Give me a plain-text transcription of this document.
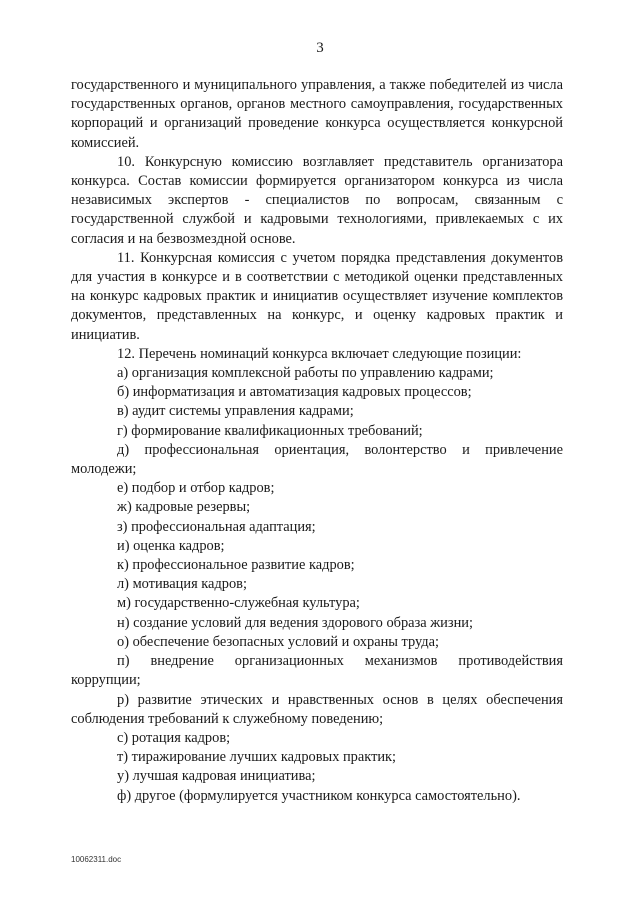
3

государственного и муниципального управления, а также победителей из числа государственных органов, органов местного самоуправления, государственных корпораций и организаций проведение конкурса осуществляется конкурсной комиссией.

10. Конкурсную комиссию возглавляет представитель организатора конкурса. Состав комиссии формируется организатором конкурса из числа независимых экспертов - специалистов по вопросам, связанным с государственной службой и кадровыми технологиями, привлекаемых с их согласия и на безвозмездной основе.

11. Конкурсная комиссия с учетом порядка представления документов для участия в конкурсе и в соответствии с методикой оценки представленных на конкурс кадровых практик и инициатив осуществляет изучение комплектов документов, представленных на конкурс, и оценку кадровых практик и инициатив.

12. Перечень номинаций конкурса включает следующие позиции:

а) организация комплексной работы по управлению кадрами;

б) информатизация и автоматизация кадровых процессов;

в) аудит системы управления кадрами;

г) формирование квалификационных требований;

д) профессиональная ориентация, волонтерство и привлечение молодежи;

е) подбор и отбор кадров;

ж) кадровые резервы;

з) профессиональная адаптация;

и) оценка кадров;

к) профессиональное развитие кадров;

л) мотивация кадров;

м) государственно-служебная культура;

н) создание условий для ведения здорового образа жизни;

о) обеспечение безопасных условий и охраны труда;

п) внедрение организационных механизмов противодействия коррупции;

р) развитие этических и нравственных основ в целях обеспечения соблюдения требований к служебному поведению;

с) ротация кадров;

т) тиражирование лучших кадровых практик;

у) лучшая кадровая инициатива;

ф) другое (формулируется участником конкурса самостоятельно).

10062311.doc
